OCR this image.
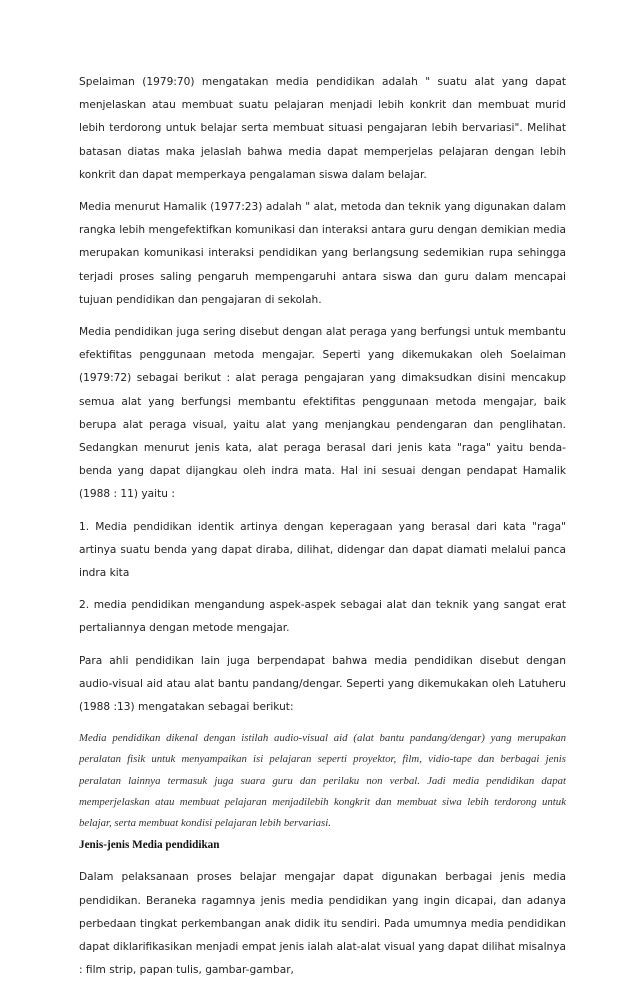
Spelaiman (1979:70) mengatakan media pendidikan adalah " suatu alat yang dapat menjelaskan atau membuat suatu pelajaran menjadi lebih konkrit dan membuat murid lebih terdorong untuk belajar serta membuat situasi pengajaran lebih bervariasi". Melihat batasan diatas maka jelaslah bahwa media dapat memperjelas pelajaran dengan lebih konkrit dan dapat memperkaya pengalaman siswa dalam belajar.

Media menurut Hamalik (1977:23) adalah " alat, metoda dan teknik yang digunakan dalam rangka lebih mengefektifkan komunikasi dan interaksi antara guru dengan demikian media merupakan komunikasi interaksi pendidikan yang berlangsung sedemikian rupa sehingga terjadi proses saling pengaruh mempengaruhi antara siswa dan guru dalam mencapai tujuan pendidikan dan pengajaran di sekolah.

Media pendidikan juga sering disebut dengan alat peraga yang berfungsi untuk membantu efektifitas penggunaan metoda mengajar. Seperti yang dikemukakan oleh Soelaiman (1979:72) sebagai berikut : alat peraga pengajaran yang dimaksudkan disini mencakup semua alat yang berfungsi membantu efektifitas penggunaan metoda mengajar, baik berupa alat peraga visual, yaitu alat yang menjangkau pendengaran dan penglihatan. Sedangkan menurut jenis kata, alat peraga berasal dari jenis kata "raga" yaitu benda-benda yang dapat dijangkau oleh indra mata. Hal ini sesuai dengan pendapat Hamalik (1988 : 11) yaitu :

1. Media pendidikan identik artinya dengan keperagaan yang berasal dari kata "raga" artinya suatu benda yang dapat diraba, dilihat, didengar dan dapat diamati melalui panca indra kita

2. media pendidikan mengandung aspek-aspek sebagai alat dan teknik yang sangat erat pertaliannya dengan metode mengajar.

Para ahli pendidikan lain juga berpendapat bahwa media pendidikan disebut dengan audio-visual aid atau alat bantu pandang/dengar. Seperti yang dikemukakan oleh Latuheru (1988 :13) mengatakan sebagai berikut:

Media pendidikan dikenal dengan istilah audio-visual aid (alat bantu pandang/dengar) yang merupakan peralatan fisik untuk menyampaikan isi pelajaran seperti proyektor, film, vidio-tape dan berbagai jenis peralatan lainnya termasuk juga suara guru dan perilaku non verbal. Jadi media pendidikan dapat memperjelaskan atau membuat pelajaran menjadilebih kongkrit dan membuat siwa lebih terdorong untuk belajar, serta membuat kondisi pelajaran lebih bervariasi.

Jenis-jenis Media pendidikan

Dalam pelaksanaan proses belajar mengajar dapat digunakan berbagai jenis media pendidikan. Beraneka ragamnya jenis media pendidikan yang ingin dicapai, dan adanya perbedaan tingkat perkembangan anak didik itu sendiri. Pada umumnya media pendidikan dapat diklarifikasikan menjadi empat jenis ialah alat-alat visual yang dapat dilihat misalnya : film strip, papan tulis, gambar-gambar,
